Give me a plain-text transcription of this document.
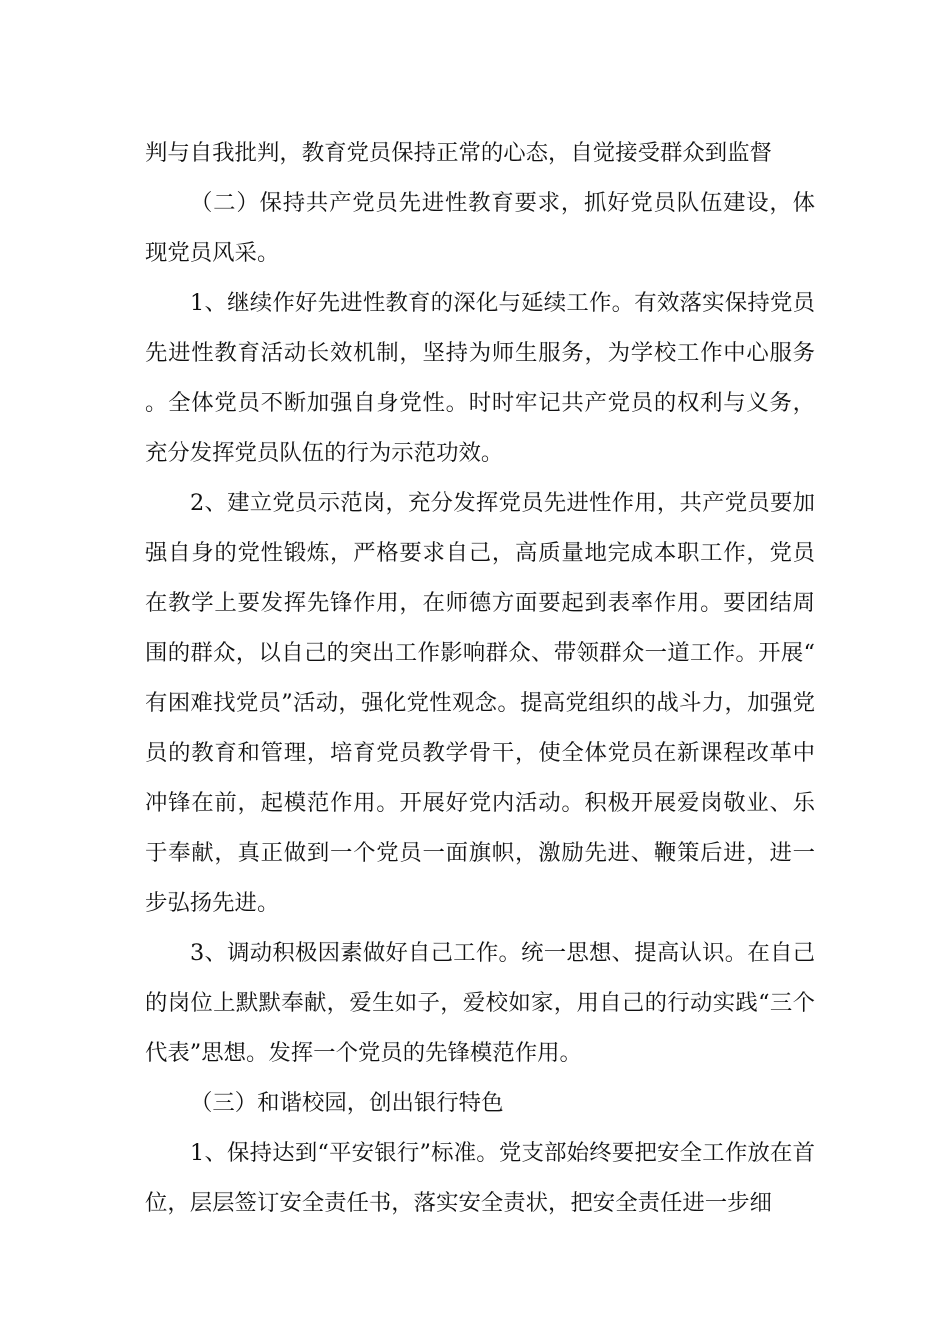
判与自我批判，教育党员保持正常的心态，自觉接受群众到监督

（二）保持共产党员先进性教育要求，抓好党员队伍建设，体现党员风采。

1、继续作好先进性教育的深化与延续工作。有效落实保持党员先进性教育活动长效机制，坚持为师生服务，为学校工作中心服务。全体党员不断加强自身党性。时时牢记共产党员的权利与义务，充分发挥党员队伍的行为示范功效。

2、建立党员示范岗，充分发挥党员先进性作用，共产党员要加强自身的党性锻炼，严格要求自己，高质量地完成本职工作，党员在教学上要发挥先锋作用，在师德方面要起到表率作用。要团结周围的群众，以自己的突出工作影响群众、带领群众一道工作。开展“有困难找党员”活动，强化党性观念。提高党组织的战斗力，加强党员的教育和管理，培育党员教学骨干，使全体党员在新课程改革中冲锋在前，起模范作用。开展好党内活动。积极开展爱岗敬业、乐于奉献，真正做到一个党员一面旗帜，激励先进、鞭策后进，进一步弘扬先进。

3、调动积极因素做好自己工作。统一思想、提高认识。在自己的岗位上默默奉献，爱生如子，爱校如家，用自己的行动实践“三个代表”思想。发挥一个党员的先锋模范作用。

（三）和谐校园，创出银行特色

1、保持达到“平安银行”标准。党支部始终要把安全工作放在首位，层层签订安全责任书，落实安全责状，把安全责任进一步细
